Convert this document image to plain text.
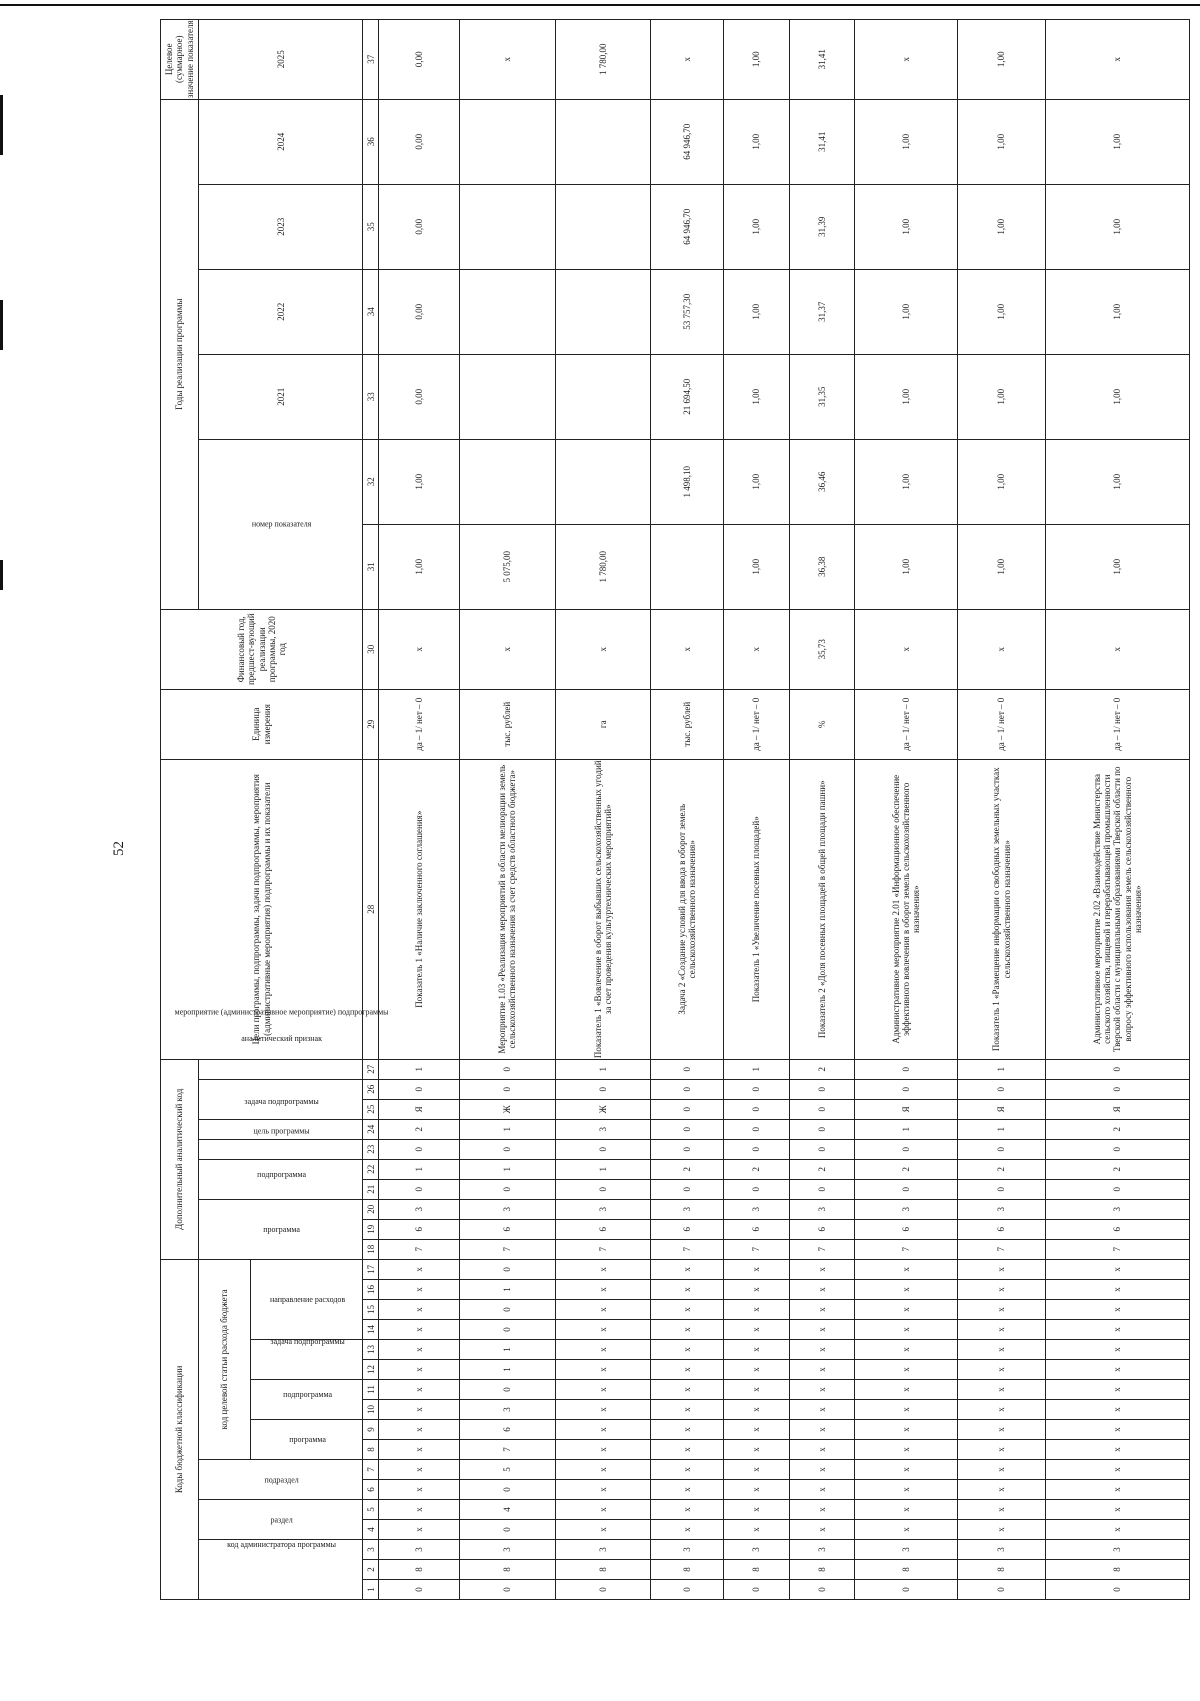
52
Коды бюджетной классификации																	Дополнительный аналитический код										Цели программы, подпрограммы, задачи подпрограммы, мероприятия (административные мероприятия) подпрограммы и их показатели	Единица измерения	Финансовый год, предшест-вующий реализации программы, 2020 год	Годы реализации программы						Целевое (суммарное) значение показателя	
код администратора программы			раздел		подраздел		код целевой статьи расхода бюджета										программа			подпрограмма		цель программы	задача подпрограммы	мероприятие (административное мероприятие) подпрограммы		аналитический признак				номер показателя		2021	2022	2023	2024	2025		
							программа		подпрограмма		задача подпрограммы		направление расходов																								
1	2	3	4	5	6	7	8	9	10	11	12	13	14	15	16	17	18	19	20	21	22	23	24	25	26	27	28	29	30	31	32	33	34	35	36	37	
0	8	3	x	x	x	x	x	x	x	x	x	x	x	x	x	x	7	6	3	0	1	0	2	Я	0	1	Показатель 1 «Наличие заключенного соглашения»	да – 1/ нет – 0	x	1,00	1,00	0,00	0,00	0,00	0,00	0,00	
0	8	3	0	4	0	5	7	6	3	0	1	1	0	0	1	0	7	6	3	0	1	0	1	Ж	0	0	Мероприятие 1.03 «Реализация мероприятий в области мелиорации земель сельскохозяйственного назначения за счет средств областного бюджета»	тыс. рублей	x	5 075,00						x	
0	8	3	x	x	x	x	x	x	x	x	x	x	x	x	x	x	7	6	3	0	1	0	3	Ж	0	1	Показатель 1 «Вовлечение в оборот выбывших сельскохозяйственных угодий за счет проведения культуртехнических мероприятий»	га	x	1 780,00						1 780,00	
0	8	3	x	x	x	x	x	x	x	x	x	x	x	x	x	x	7	6	3	0	2	0	0	0	0	0	Задача 2 «Создание условий для ввода в оборот земель сельскохозяйственного назначения»	тыс. рублей	x		1 498,10	21 694,50	53 757,30	64 946,70	64 946,70	x	
0	8	3	x	x	x	x	x	x	x	x	x	x	x	x	x	x	7	6	3	0	2	0	0	0	0	1	Показатель 1 «Увеличение посевных площадей»	да – 1/ нет – 0	x	1,00	1,00	1,00	1,00	1,00	1,00	1,00	
0	8	3	x	x	x	x	x	x	x	x	x	x	x	x	x	x	7	6	3	0	2	0	0	0	0	2	Показатель 2 «Доля посевных площадей в общей площади пашни»	%	35,73	36,38	36,46	31,35	31,37	31,39	31,41	31,41	
0	8	3	x	x	x	x	x	x	x	x	x	x	x	x	x	x	7	6	3	0	2	0	1	Я	0	0	Административное мероприятие 2.01 «Информационное обеспечение эффективного вовлечения в оборот земель сельскохозяйственного назначения»	да – 1/ нет – 0	x	1,00	1,00	1,00	1,00	1,00	1,00	x	
0	8	3	x	x	x	x	x	x	x	x	x	x	x	x	x	x	7	6	3	0	2	0	1	Я	0	1	Показатель 1 «Размещение информации о свободных земельных участках сельскохозяйственного назначения»	да – 1/ нет – 0	x	1,00	1,00	1,00	1,00	1,00	1,00	1,00	
0	8	3	x	x	x	x	x	x	x	x	x	x	x	x	x	x	7	6	3	0	2	0	2	Я	0	0	Административное мероприятие 2.02 «Взаимодействие Министерства сельского хозяйства, пищевой и перерабатывающей промышленности Тверской области с муниципальными образованиями Тверской области по вопросу эффективного использования земель сельскохозяйственного назначения»	да – 1/ нет – 0	x	1,00	1,00	1,00	1,00	1,00	1,00	x	
